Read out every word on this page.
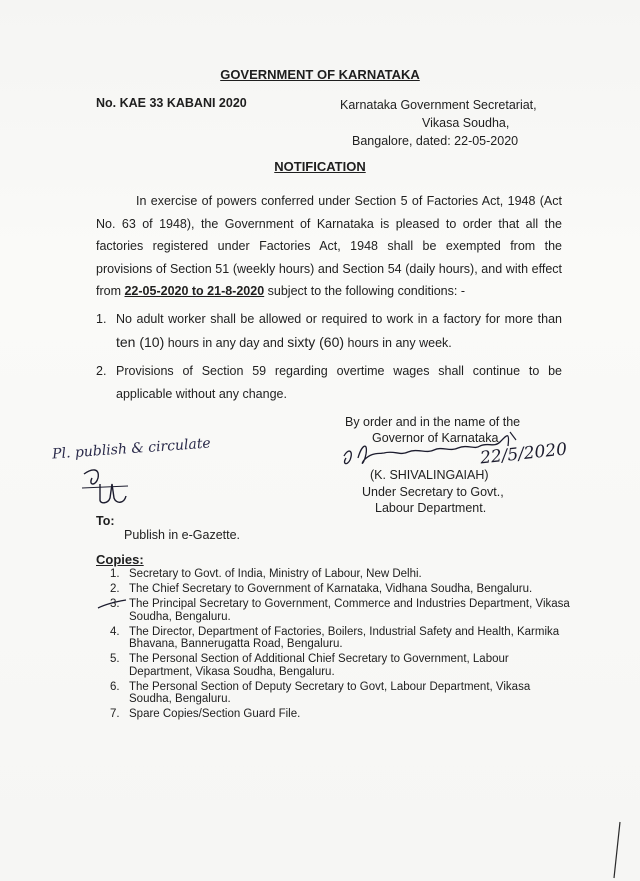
GOVERNMENT OF KARNATAKA
No. KAE 33 KABANI 2020	Karnataka Government Secretariat,
Vikasa Soudha,
Bangalore, dated: 22-05-2020
NOTIFICATION
In exercise of powers conferred under Section 5 of Factories Act, 1948 (Act No. 63 of 1948), the Government of Karnataka is pleased to order that all the factories registered under Factories Act, 1948 shall be exempted from the provisions of Section 51 (weekly hours) and Section 54 (daily hours), and with effect from 22-05-2020 to 21-8-2020 subject to the following conditions: -
1. No adult worker shall be allowed or required to work in a factory for more than ten (10) hours in any day and sixty (60) hours in any week.
2. Provisions of Section 59 regarding overtime wages shall continue to be applicable without any change.
By order and in the name of the
Governor of Karnataka
22/5/2020
(K. SHIVALINGAIAH)
Under Secretary to Govt.,
Labour Department.
Pl. publish & circulate
To:
Publish in e-Gazette.
Copies:
1. Secretary to Govt. of India, Ministry of Labour, New Delhi.
2. The Chief Secretary to Government of Karnataka, Vidhana Soudha, Bengaluru.
3. The Principal Secretary to Government, Commerce and Industries Department, Vikasa Soudha, Bengaluru.
4. The Director, Department of Factories, Boilers, Industrial Safety and Health, Karmika Bhavana, Bannerugatta Road, Bengaluru.
5. The Personal Section of Additional Chief Secretary to Government, Labour Department, Vikasa Soudha, Bengaluru.
6. The Personal Section of Deputy Secretary to Govt, Labour Department, Vikasa Soudha, Bengaluru.
7. Spare Copies/Section Guard File.
